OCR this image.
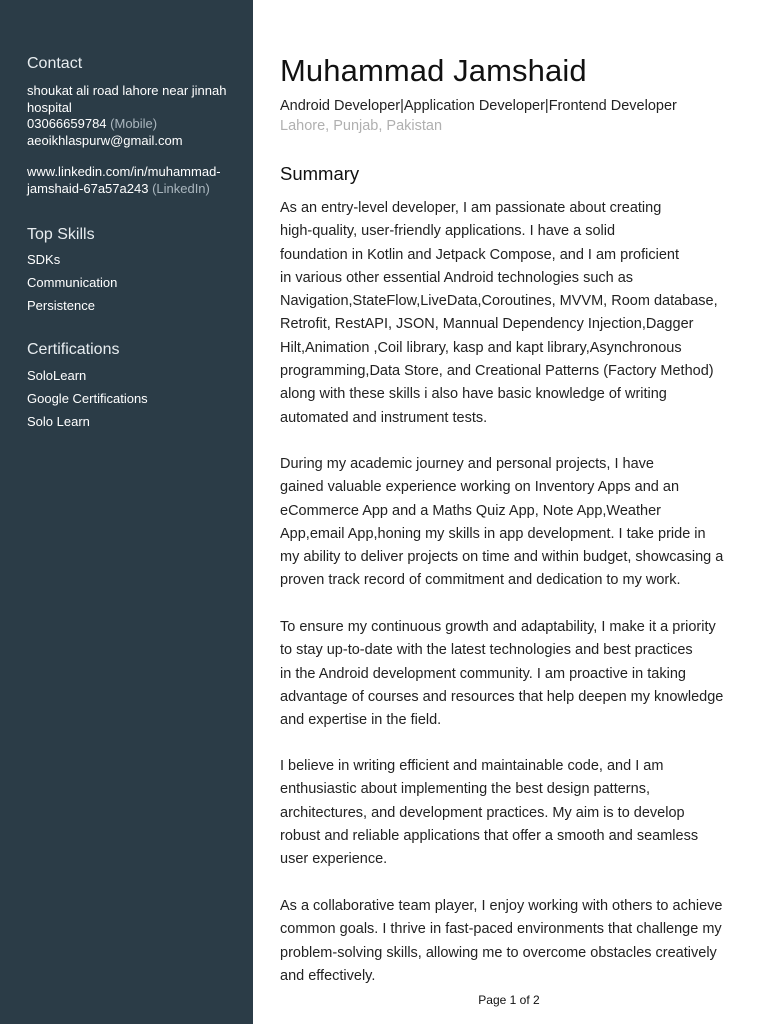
Contact
shoukat ali road lahore near jinnah
hospital
03066659784 (Mobile)
aeoikhlaspurw@gmail.com
www.linkedin.com/in/muhammad-
jamshaid-67a57a243 (LinkedIn)
Top Skills
SDKs
Communication
Persistence
Certifications
SoloLearn
Google Certifications
Solo Learn
Muhammad Jamshaid
Android Developer|Application Developer|Frontend Developer
Lahore, Punjab, Pakistan
Summary

As an entry-level developer, I am passionate about creating
high-quality, user-friendly applications. I have a solid
foundation in Kotlin and Jetpack Compose, and I am proficient
in various other essential Android technologies such as
Navigation,StateFlow,LiveData,Coroutines, MVVM, Room database,
Retrofit, RestAPI, JSON, Mannual Dependency Injection,Dagger
Hilt,Animation ,Coil library, kasp and kapt library,Asynchronous
programming,Data Store, and Creational Patterns (Factory Method)
along with these skills i also have basic knowledge of writing
automated and instrument tests.

During my academic journey and personal projects, I have
gained valuable experience working on Inventory Apps and an
eCommerce App and a Maths Quiz App, Note App,Weather
App,email App,honing my skills in app development. I take pride in
my ability to deliver projects on time and within budget, showcasing a
proven track record of commitment and dedication to my work.

To ensure my continuous growth and adaptability, I make it a priority
to stay up-to-date with the latest technologies and best practices
in the Android development community. I am proactive in taking
advantage of courses and resources that help deepen my knowledge
and expertise in the field.

I believe in writing efficient and maintainable code, and I am
enthusiastic about implementing the best design patterns,
architectures, and development practices. My aim is to develop
robust and reliable applications that offer a smooth and seamless
user experience.

As a collaborative team player, I enjoy working with others to achieve
common goals. I thrive in fast-paced environments that challenge my
problem-solving skills, allowing me to overcome obstacles creatively
and effectively.

Page 1 of 2
